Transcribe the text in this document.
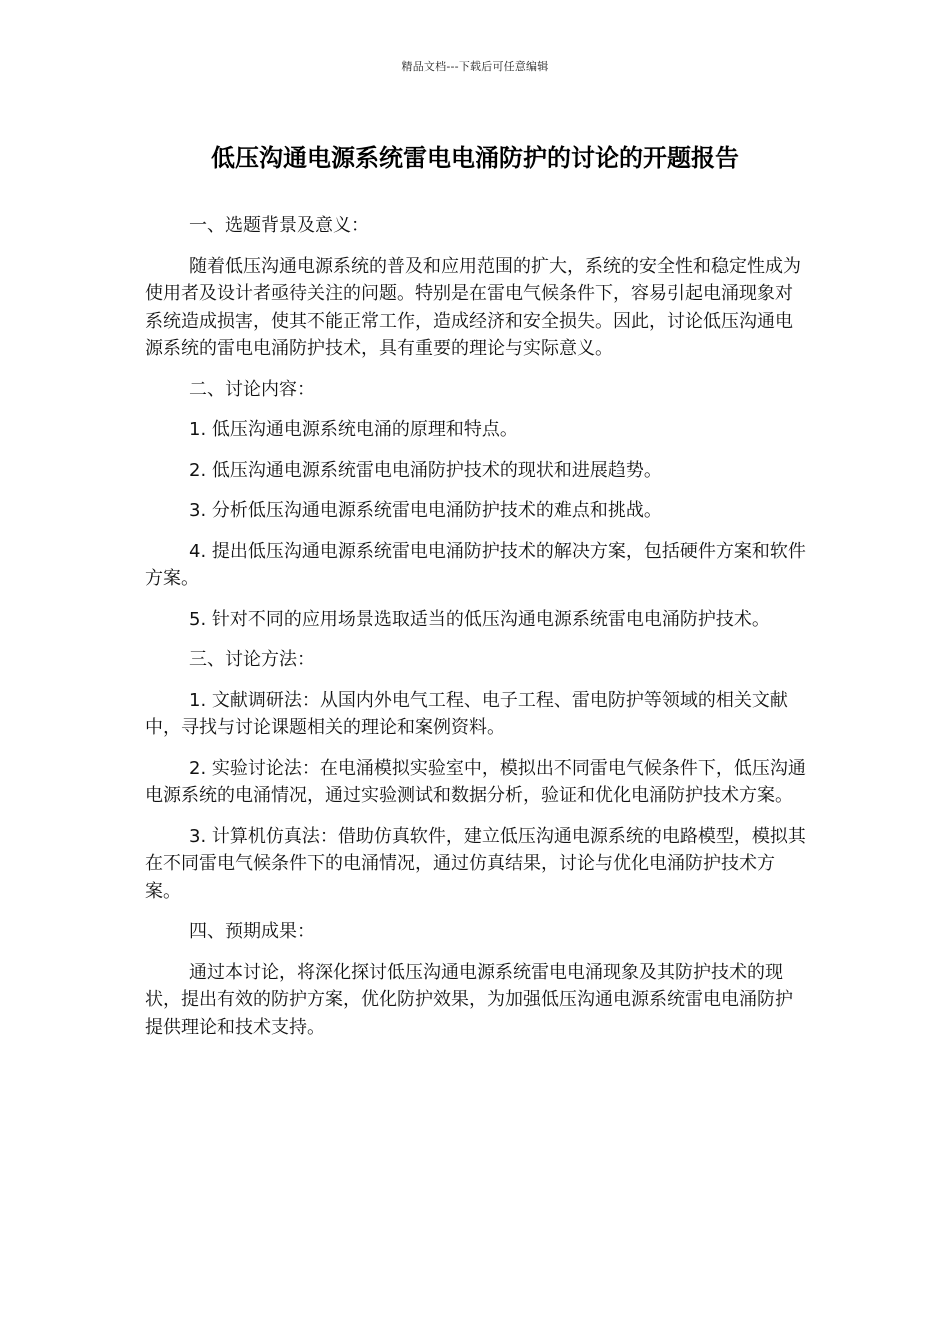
精品文档---下载后可任意编辑
低压沟通电源系统雷电电涌防护的讨论的开题报告

一、选题背景及意义：

随着低压沟通电源系统的普及和应用范围的扩大，系统的安全性和稳定性成为使用者及设计者亟待关注的问题。特别是在雷电气候条件下，容易引起电涌现象对系统造成损害，使其不能正常工作，造成经济和安全损失。因此，讨论低压沟通电源系统的雷电电涌防护技术，具有重要的理论与实际意义。

二、讨论内容：

1. 低压沟通电源系统电涌的原理和特点。

2. 低压沟通电源系统雷电电涌防护技术的现状和进展趋势。

3. 分析低压沟通电源系统雷电电涌防护技术的难点和挑战。

4. 提出低压沟通电源系统雷电电涌防护技术的解决方案，包括硬件方案和软件方案。

5. 针对不同的应用场景选取适当的低压沟通电源系统雷电电涌防护技术。

三、讨论方法：

1. 文献调研法：从国内外电气工程、电子工程、雷电防护等领域的相关文献中，寻找与讨论课题相关的理论和案例资料。

2. 实验讨论法：在电涌模拟实验室中，模拟出不同雷电气候条件下，低压沟通电源系统的电涌情况，通过实验测试和数据分析，验证和优化电涌防护技术方案。

3. 计算机仿真法：借助仿真软件，建立低压沟通电源系统的电路模型，模拟其在不同雷电气候条件下的电涌情况，通过仿真结果，讨论与优化电涌防护技术方案。

四、预期成果：

通过本讨论，将深化探讨低压沟通电源系统雷电电涌现象及其防护技术的现状，提出有效的防护方案，优化防护效果，为加强低压沟通电源系统雷电电涌防护提供理论和技术支持。
